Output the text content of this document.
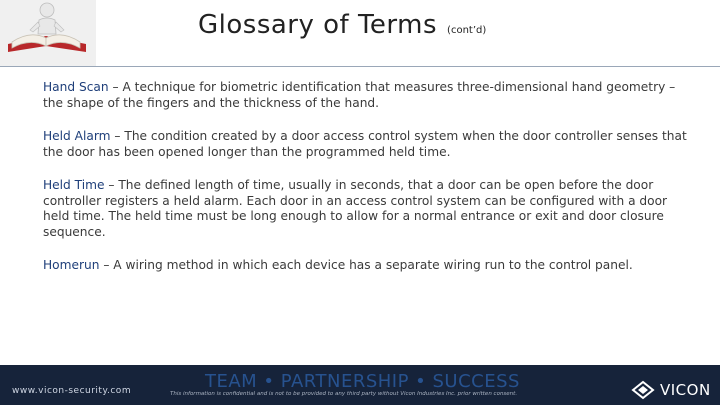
Glossary of Terms (cont’d)
Hand Scan – A technique for biometric identification that measures three-dimensional hand geometry – the shape of the fingers and the thickness of the hand.
Held Alarm – The condition created by a door access control system when the door controller senses that the door has been opened longer than the programmed held time.
Held Time – The defined length of time, usually in seconds, that a door can be open before the door controller registers a held alarm. Each door in an access control system can be configured with a door held time. The held time must be long enough to allow for a normal entrance or exit and door closure sequence.
Homerun – A wiring method in which each device has a separate wiring run to the control panel.
www.vicon-security.com	TEAM • PARTNERSHIP • SUCCESS
This information is confidential and is not to be provided to any third party without Vicon Industries Inc. prior written consent.	VICON
